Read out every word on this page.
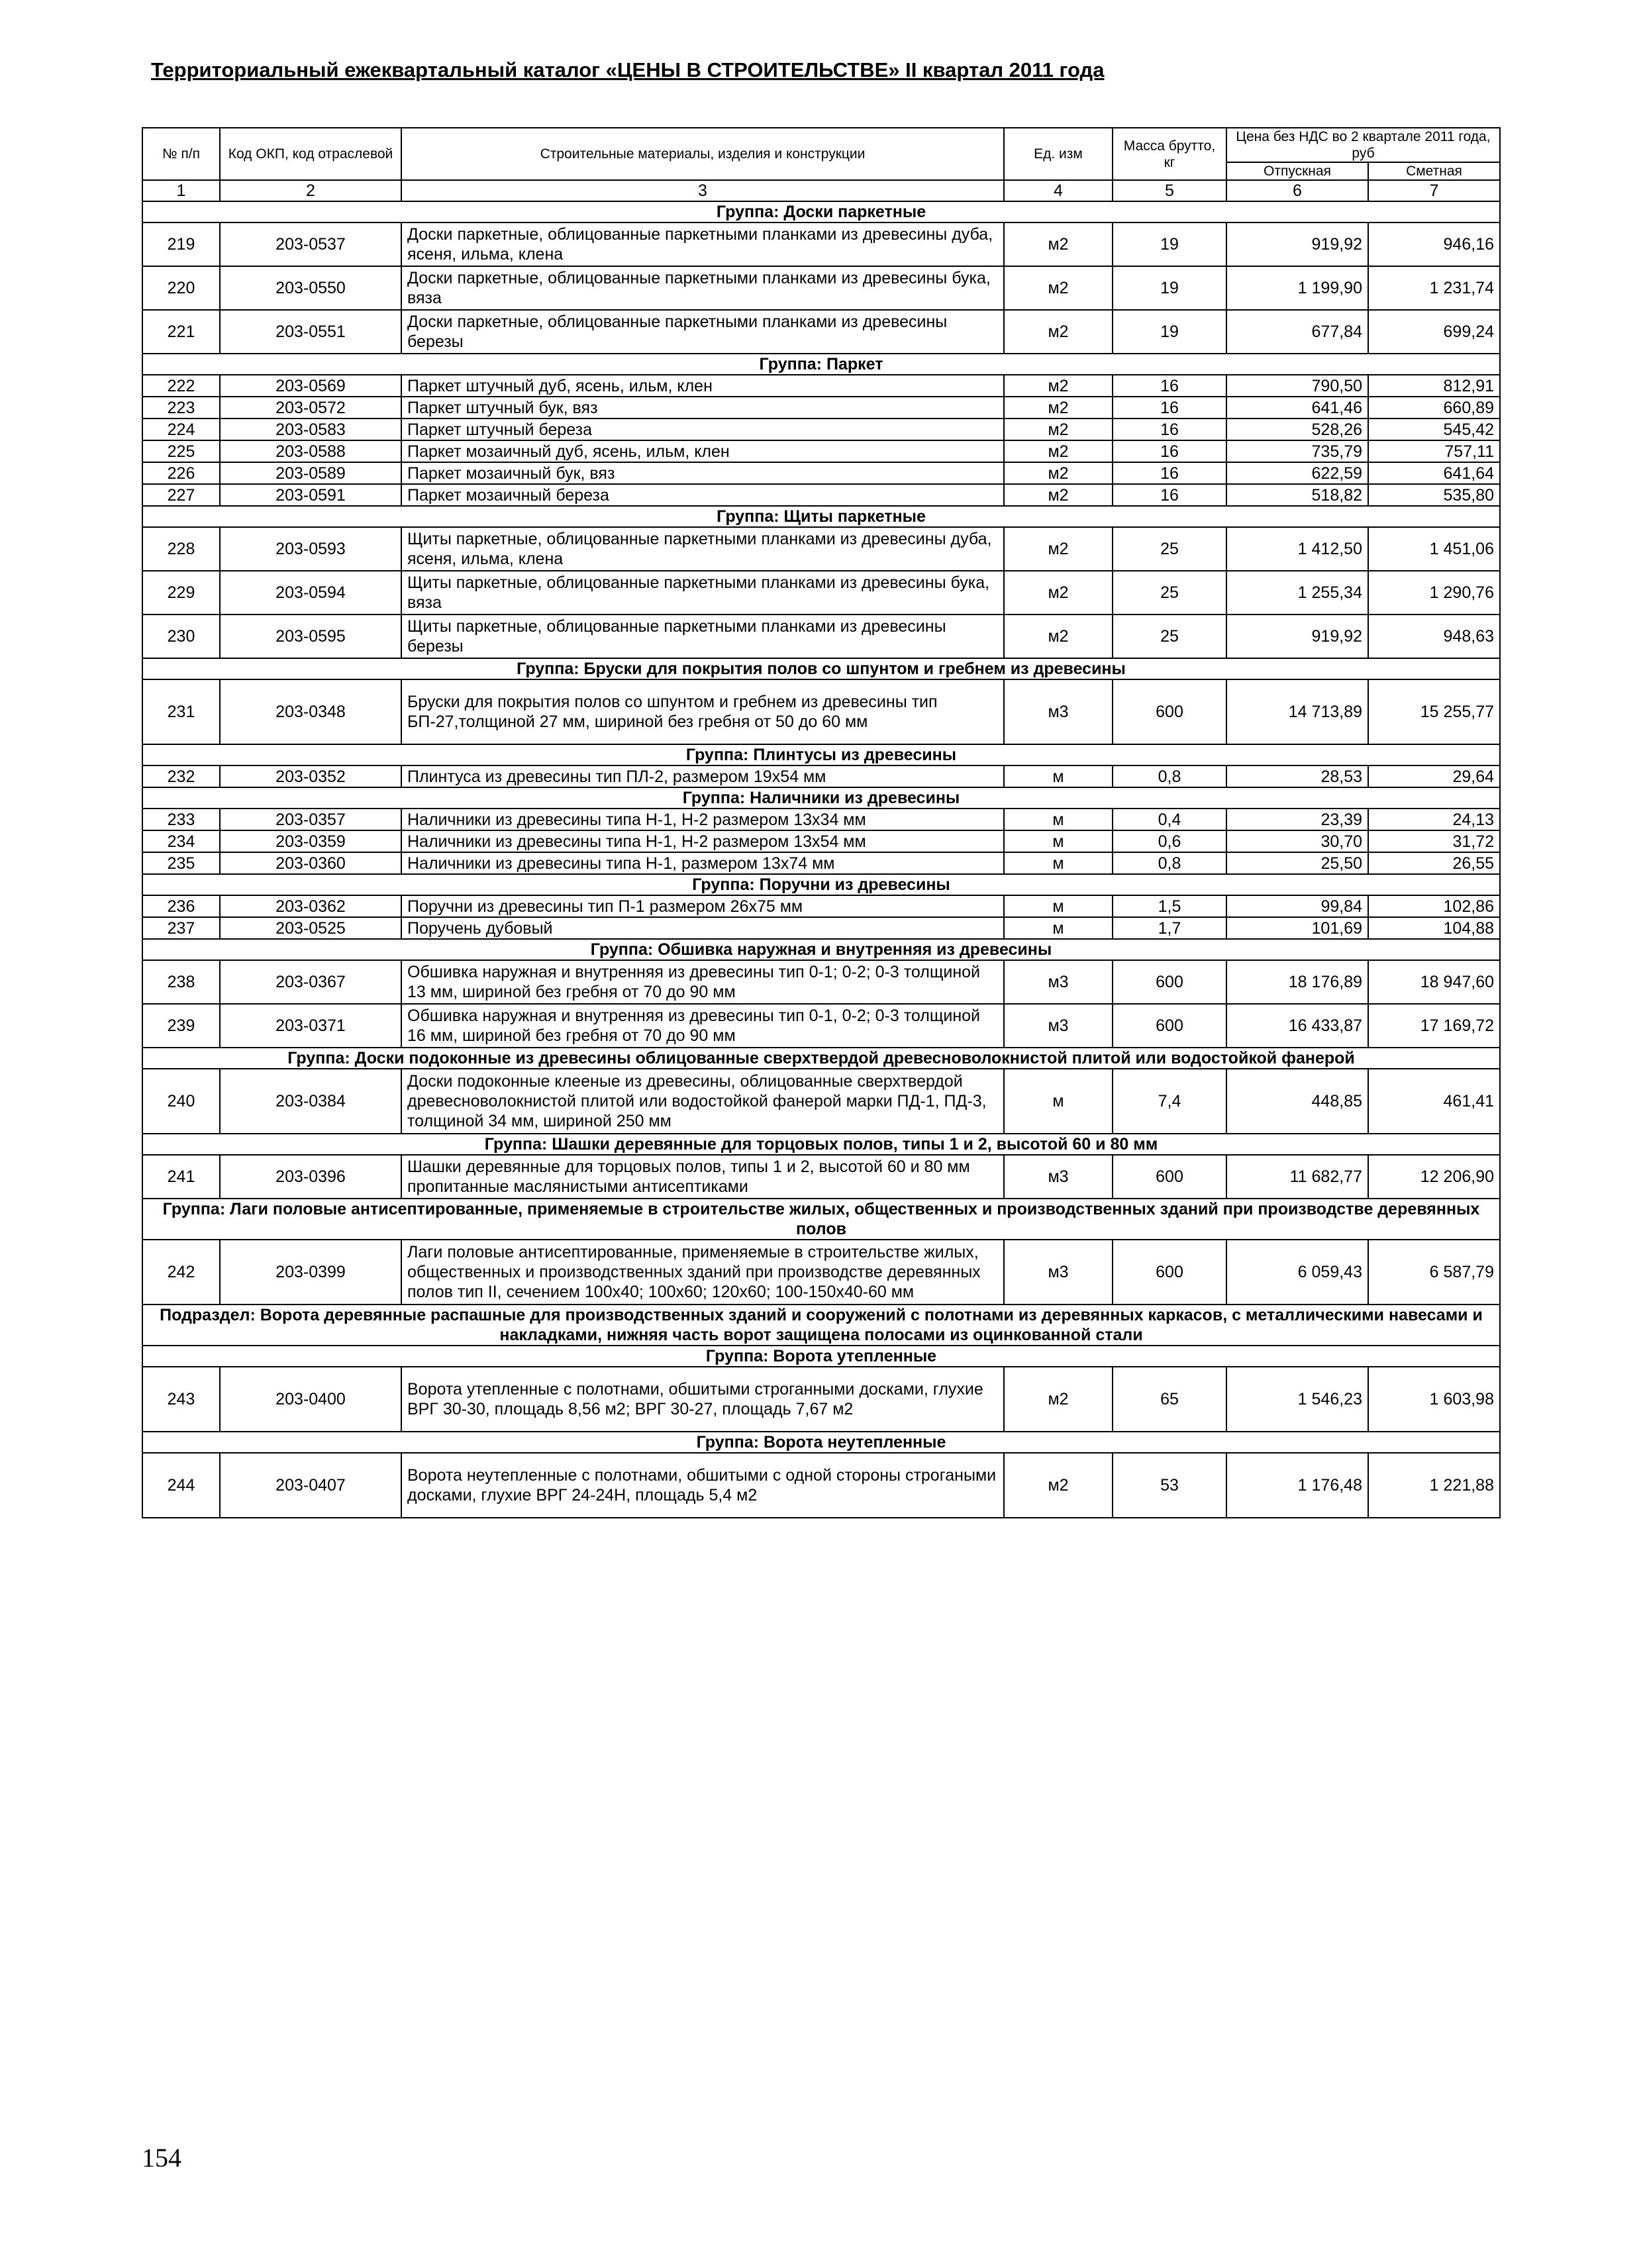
Территориальный ежеквартальный каталог «ЦЕНЫ В СТРОИТЕЛЬСТВЕ» II квартал 2011 года
№ п/п	Код ОКП, код отраслевой	Строительные материалы, изделия и конструкции	Ед. изм	Масса брутто, кг	Цена без НДС во 2 квартале 2011 года, руб	
					Отпускная	Сметная
1	2	3	4	5	6	7
Группа: Доски паркетные						
219	203-0537	Доски паркетные, облицованные паркетными планками из древесины дуба, ясеня, ильма, клена	м2	19	919,92	946,16
220	203-0550	Доски паркетные, облицованные паркетными планками из древесины бука, вяза	м2	19	1 199,90	1 231,74
221	203-0551	Доски паркетные, облицованные паркетными планками из древесины березы	м2	19	677,84	699,24
Группа: Паркет						
222	203-0569	Паркет штучный дуб, ясень, ильм, клен	м2	16	790,50	812,91
223	203-0572	Паркет штучный бук, вяз	м2	16	641,46	660,89
224	203-0583	Паркет штучный береза	м2	16	528,26	545,42
225	203-0588	Паркет мозаичный дуб, ясень, ильм, клен	м2	16	735,79	757,11
226	203-0589	Паркет мозаичный бук, вяз	м2	16	622,59	641,64
227	203-0591	Паркет мозаичный береза	м2	16	518,82	535,80
Группа: Щиты паркетные						
228	203-0593	Щиты паркетные, облицованные паркетными планками из древесины дуба, ясеня, ильма, клена	м2	25	1 412,50	1 451,06
229	203-0594	Щиты паркетные, облицованные паркетными планками из древесины бука, вяза	м2	25	1 255,34	1 290,76
230	203-0595	Щиты паркетные, облицованные паркетными планками из древесины березы	м2	25	919,92	948,63
Группа: Бруски для покрытия полов со шпунтом и гребнем из древесины						
231	203-0348	Бруски для покрытия полов со шпунтом и гребнем из древесины тип БП-27,толщиной 27 мм, шириной без гребня от 50 до 60 мм	м3	600	14 713,89	15 255,77
Группа: Плинтусы из древесины						
232	203-0352	Плинтуса из древесины тип ПЛ-2, размером 19х54 мм	м	0,8	28,53	29,64
Группа: Наличники из древесины						
233	203-0357	Наличники из древесины типа Н-1, Н-2 размером 13х34 мм	м	0,4	23,39	24,13
234	203-0359	Наличники из древесины типа Н-1, Н-2 размером 13х54 мм	м	0,6	30,70	31,72
235	203-0360	Наличники из древесины типа Н-1, размером 13х74 мм	м	0,8	25,50	26,55
Группа: Поручни из древесины						
236	203-0362	Поручни из древесины тип П-1 размером 26х75 мм	м	1,5	99,84	102,86
237	203-0525	Поручень дубовый	м	1,7	101,69	104,88
Группа: Обшивка наружная и внутренняя из древесины						
238	203-0367	Обшивка наружная и внутренняя из древесины тип 0-1; 0-2; 0-3 толщиной 13 мм, шириной без гребня от 70 до 90 мм	м3	600	18 176,89	18 947,60
239	203-0371	Обшивка наружная и внутренняя из древесины тип 0-1, 0-2; 0-3 толщиной 16 мм, шириной без гребня от 70 до 90 мм	м3	600	16 433,87	17 169,72
Группа: Доски подоконные из древесины облицованные сверхтвердой древесноволокнистой плитой или водостойкой фанерой						
240	203-0384	Доски подоконные клееные из древесины, облицованные сверхтвердой древесноволокнистой плитой или водостойкой фанерой марки ПД-1, ПД-3, толщиной 34 мм, шириной 250 мм	м	7,4	448,85	461,41
Группа: Шашки деревянные для торцовых полов, типы 1 и 2, высотой 60 и 80 мм						
241	203-0396	Шашки деревянные для торцовых полов, типы 1 и 2, высотой 60 и 80 мм пропитанные маслянистыми антисептиками	м3	600	11 682,77	12 206,90
Группа: Лаги половые антисептированные, применяемые в строительстве жилых, общественных и производственных зданий при производстве деревянных полов						
242	203-0399	Лаги половые антисептированные, применяемые в строительстве жилых, общественных и производственных зданий при производстве деревянных полов тип II, сечением 100х40; 100х60; 120х60; 100-150х40-60 мм	м3	600	6 059,43	6 587,79
Подраздел: Ворота деревянные распашные для производственных зданий и сооружений с полотнами из деревянных каркасов, с металлическими навесами и накладками, нижняя часть ворот защищена полосами из оцинкованной стали						
Группа: Ворота утепленные						
243	203-0400	Ворота утепленные с полотнами, обшитыми строганными досками, глухие ВРГ 30-30, площадь 8,56 м2; ВРГ 30-27, площадь 7,67 м2	м2	65	1 546,23	1 603,98
Группа: Ворота неутепленные						
244	203-0407	Ворота неутепленные с полотнами, обшитыми с одной стороны строгаными досками, глухие ВРГ 24-24Н, площадь 5,4 м2	м2	53	1 176,48	1 221,88
154
